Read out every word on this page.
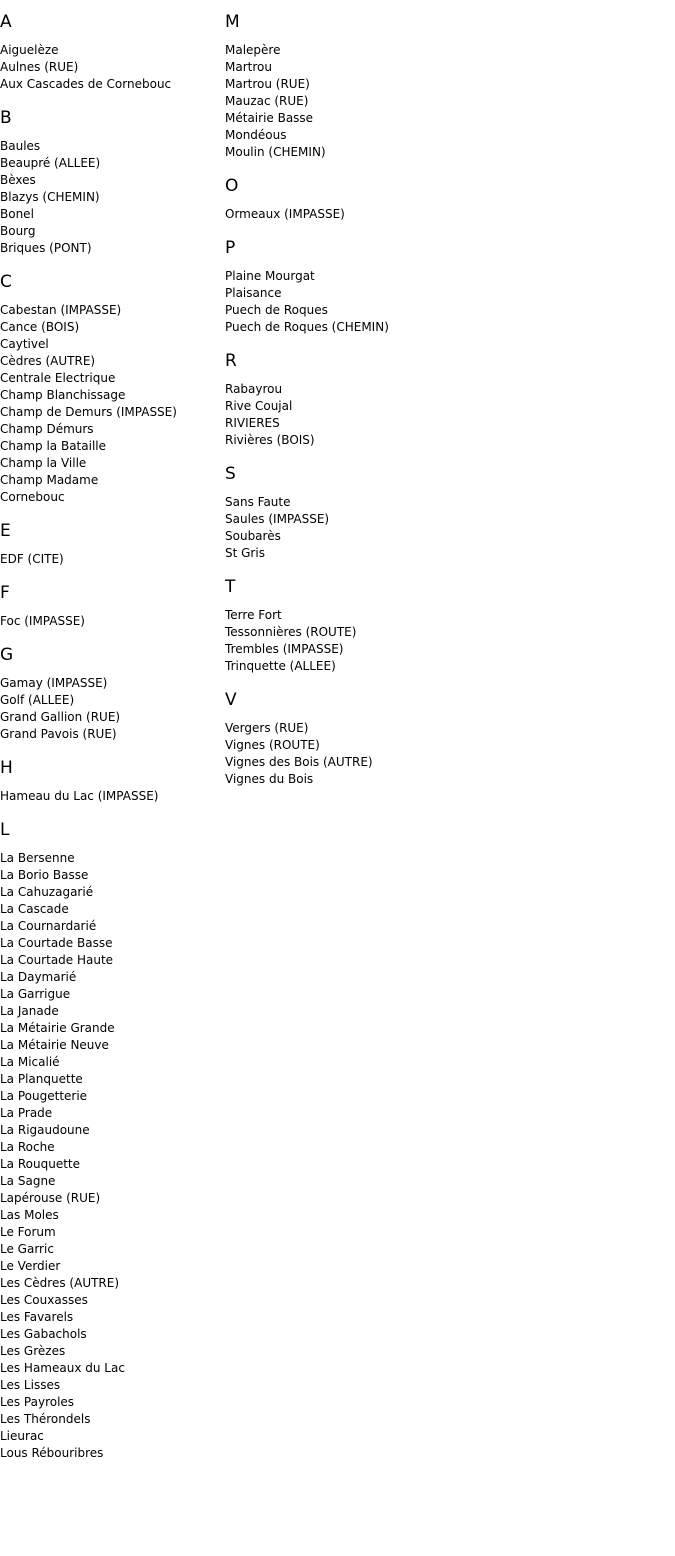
A
Aiguelèze
Aulnes (RUE)
Aux Cascades de Cornebouc
B
Baules
Beaupré (ALLEE)
Bèxes
Blazys (CHEMIN)
Bonel
Bourg
Briques (PONT)
C
Cabestan (IMPASSE)
Cance (BOIS)
Caytivel
Cèdres (AUTRE)
Centrale Electrique
Champ Blanchissage
Champ de Demurs (IMPASSE)
Champ Démurs
Champ la Bataille
Champ la Ville
Champ Madame
Cornebouc
E
EDF (CITE)
F
Foc (IMPASSE)
G
Gamay (IMPASSE)
Golf (ALLEE)
Grand Gallion (RUE)
Grand Pavois (RUE)
H
Hameau du Lac (IMPASSE)
L
La Bersenne
La Borio Basse
La Cahuzagarié
La Cascade
La Cournardarié
La Courtade Basse
La Courtade Haute
La Daymarié
La Garrigue
La Janade
La Métairie Grande
La Métairie Neuve
La Micalié
La Planquette
La Pougetterie
La Prade
La Rigaudoune
La Roche
La Rouquette
La Sagne
Lapérouse (RUE)
Las Moles
Le Forum
Le Garric
Le Verdier
Les Cèdres (AUTRE)
Les Couxasses
Les Favarels
Les Gabachols
Les Grèzes
Les Hameaux du Lac
Les Lisses
Les Payroles
Les Thérondels
Lieurac
Lous Rébouribres
M
Malepère
Martrou
Martrou (RUE)
Mauzac (RUE)
Métairie Basse
Mondéous
Moulin (CHEMIN)
O
Ormeaux (IMPASSE)
P
Plaine Mourgat
Plaisance
Puech de Roques
Puech de Roques (CHEMIN)
R
Rabayrou
Rive Coujal
RIVIERES
Rivières (BOIS)
S
Sans Faute
Saules (IMPASSE)
Soubarès
St Gris
T
Terre Fort
Tessonnières (ROUTE)
Trembles (IMPASSE)
Trinquette (ALLEE)
V
Vergers (RUE)
Vignes (ROUTE)
Vignes des Bois (AUTRE)
Vignes du Bois
